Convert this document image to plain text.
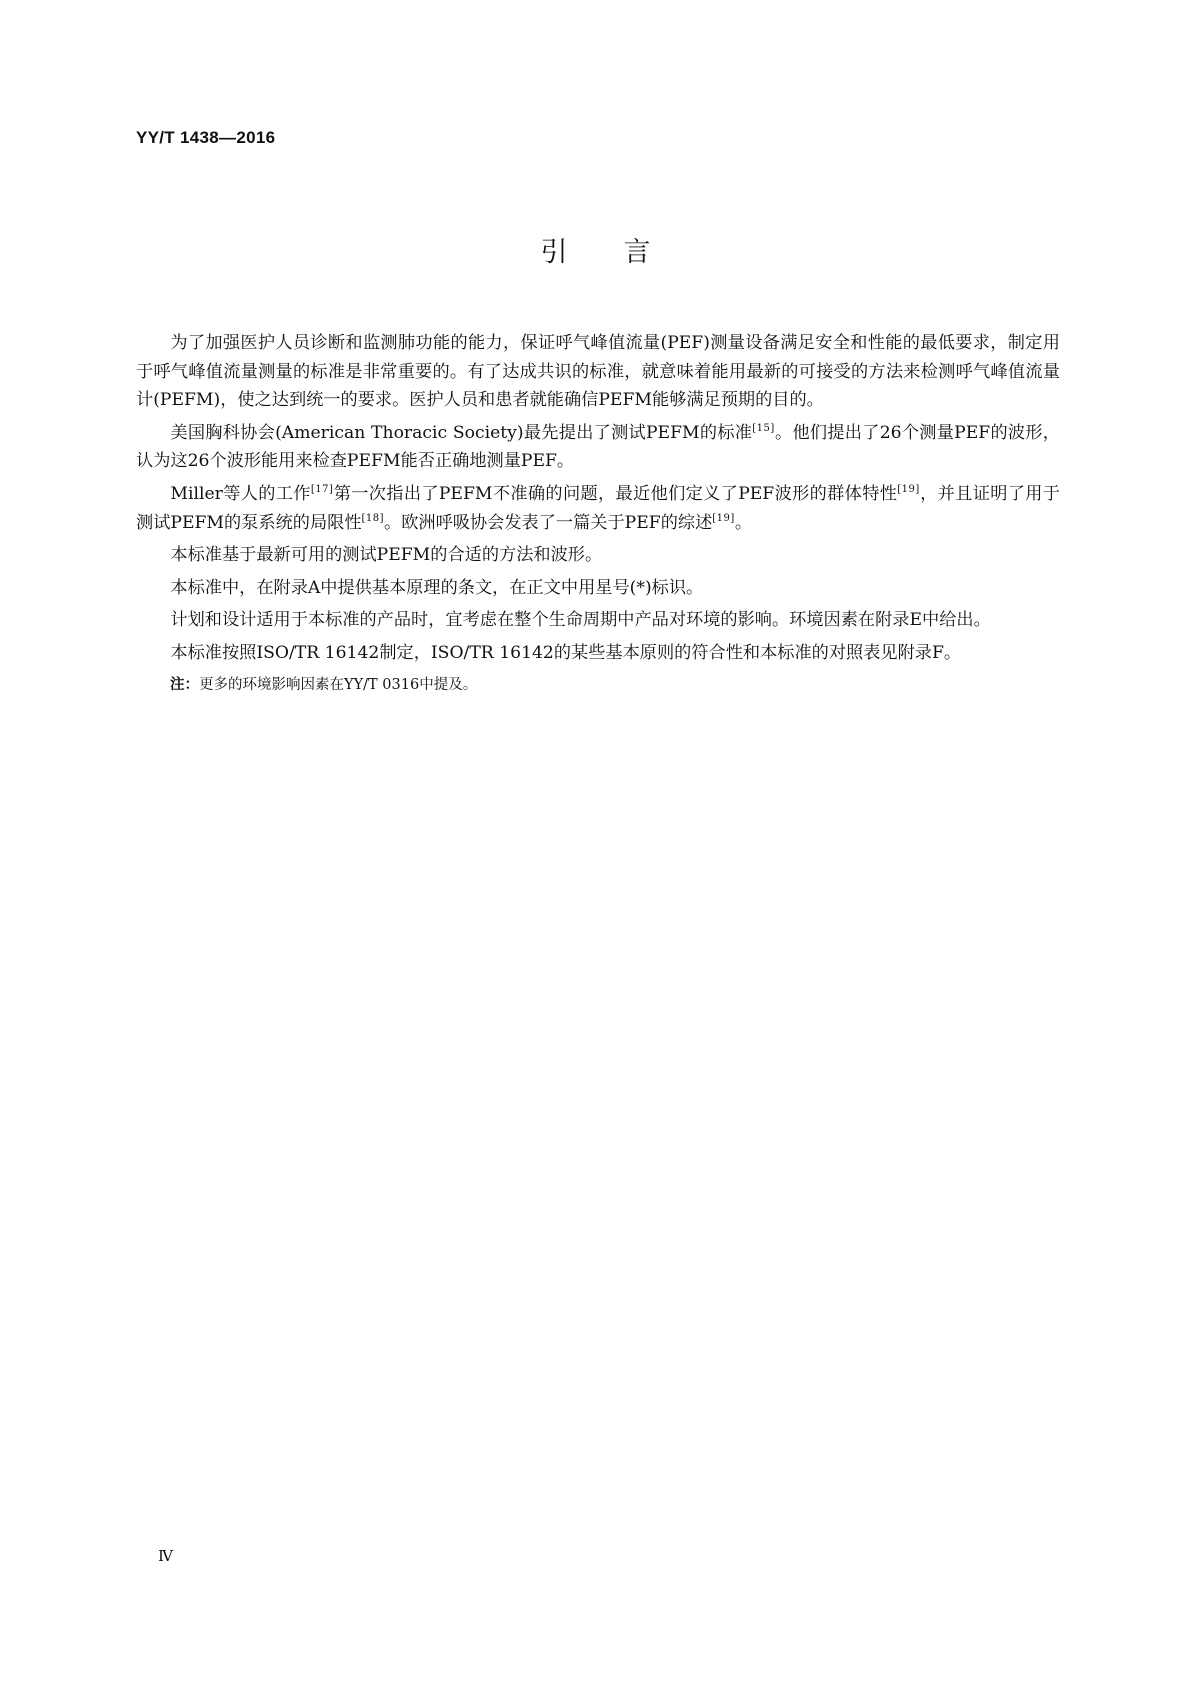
YY/T 1438—2016
引言

为了加强医护人员诊断和监测肺功能的能力，保证呼气峰值流量(PEF)测量设备满足安全和性能的最低要求，制定用于呼气峰值流量测量的标准是非常重要的。有了达成共识的标准，就意味着能用最新的可接受的方法来检测呼气峰值流量计(PEFM)，使之达到统一的要求。医护人员和患者就能确信PEFM能够满足预期的目的。

美国胸科协会(American Thoracic Society)最先提出了测试PEFM的标准[15]。他们提出了26个测量PEF的波形，认为这26个波形能用来检查PEFM能否正确地测量PEF。

Miller等人的工作[17]第一次指出了PEFM不准确的问题，最近他们定义了PEF波形的群体特性[19]，并且证明了用于测试PEFM的泵系统的局限性[18]。欧洲呼吸协会发表了一篇关于PEF的综述[19]。

本标准基于最新可用的测试PEFM的合适的方法和波形。

本标准中，在附录A中提供基本原理的条文，在正文中用星号(*)标识。

计划和设计适用于本标准的产品时，宜考虑在整个生命周期中产品对环境的影响。环境因素在附录E中给出。

本标准按照ISO/TR 16142制定，ISO/TR 16142的某些基本原则的符合性和本标准的对照表见附录F。

注：更多的环境影响因素在YY/T 0316中提及。

Ⅳ
